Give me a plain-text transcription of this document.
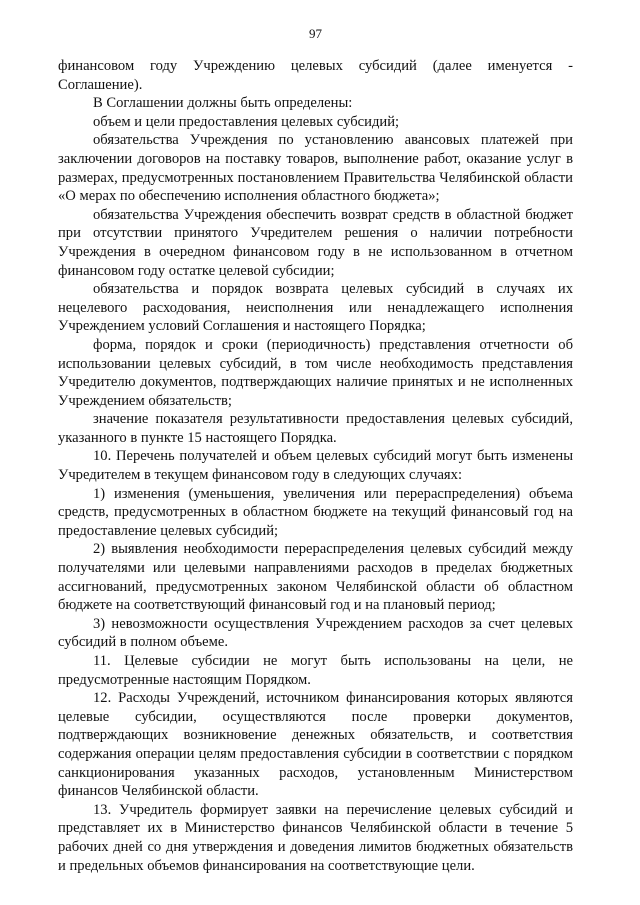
97

финансовом году Учреждению целевых субсидий (далее именуется - Соглашение).

В Соглашении должны быть определены:

объем и цели предоставления целевых субсидий;

обязательства Учреждения по установлению авансовых платежей при заключении договоров на поставку товаров, выполнение работ, оказание услуг в размерах, предусмотренных постановлением Правительства Челябинской области «О мерах по обеспечению исполнения областного бюджета»;

обязательства Учреждения обеспечить возврат средств в областной бюджет при отсутствии принятого Учредителем решения о наличии потребности Учреждения в очередном финансовом году в не использованном в отчетном финансовом году остатке целевой субсидии;

обязательства и порядок возврата целевых субсидий в случаях их нецелевого расходования, неисполнения или ненадлежащего исполнения Учреждением условий Соглашения и настоящего Порядка;

форма, порядок и сроки (периодичность) представления отчетности об использовании целевых субсидий, в том числе необходимость представления Учредителю документов, подтверждающих наличие принятых и не исполненных Учреждением обязательств;

значение показателя результативности предоставления целевых субсидий, указанного в пункте 15 настоящего Порядка.

10. Перечень получателей и объем целевых субсидий могут быть изменены Учредителем в текущем финансовом году в следующих случаях:

1) изменения (уменьшения, увеличения или перераспределения) объема средств, предусмотренных в областном бюджете на текущий финансовый год на предоставление целевых субсидий;

2) выявления необходимости перераспределения целевых субсидий между получателями или целевыми направлениями расходов в пределах бюджетных ассигнований, предусмотренных законом Челябинской области об областном бюджете на соответствующий финансовый год и на плановый период;

3) невозможности осуществления Учреждением расходов за счет целевых субсидий в полном объеме.

11. Целевые субсидии не могут быть использованы на цели, не предусмотренные настоящим Порядком.

12. Расходы Учреждений, источником финансирования которых являются целевые субсидии, осуществляются после проверки документов, подтверждающих возникновение денежных обязательств, и соответствия содержания операции целям предоставления субсидии в соответствии с порядком санкционирования указанных расходов, установленным Министерством финансов Челябинской области.

13. Учредитель формирует заявки на перечисление целевых субсидий и представляет их в Министерство финансов Челябинской области в течение 5 рабочих дней со дня утверждения и доведения лимитов бюджетных обязательств и предельных объемов финансирования на соответствующие цели.
